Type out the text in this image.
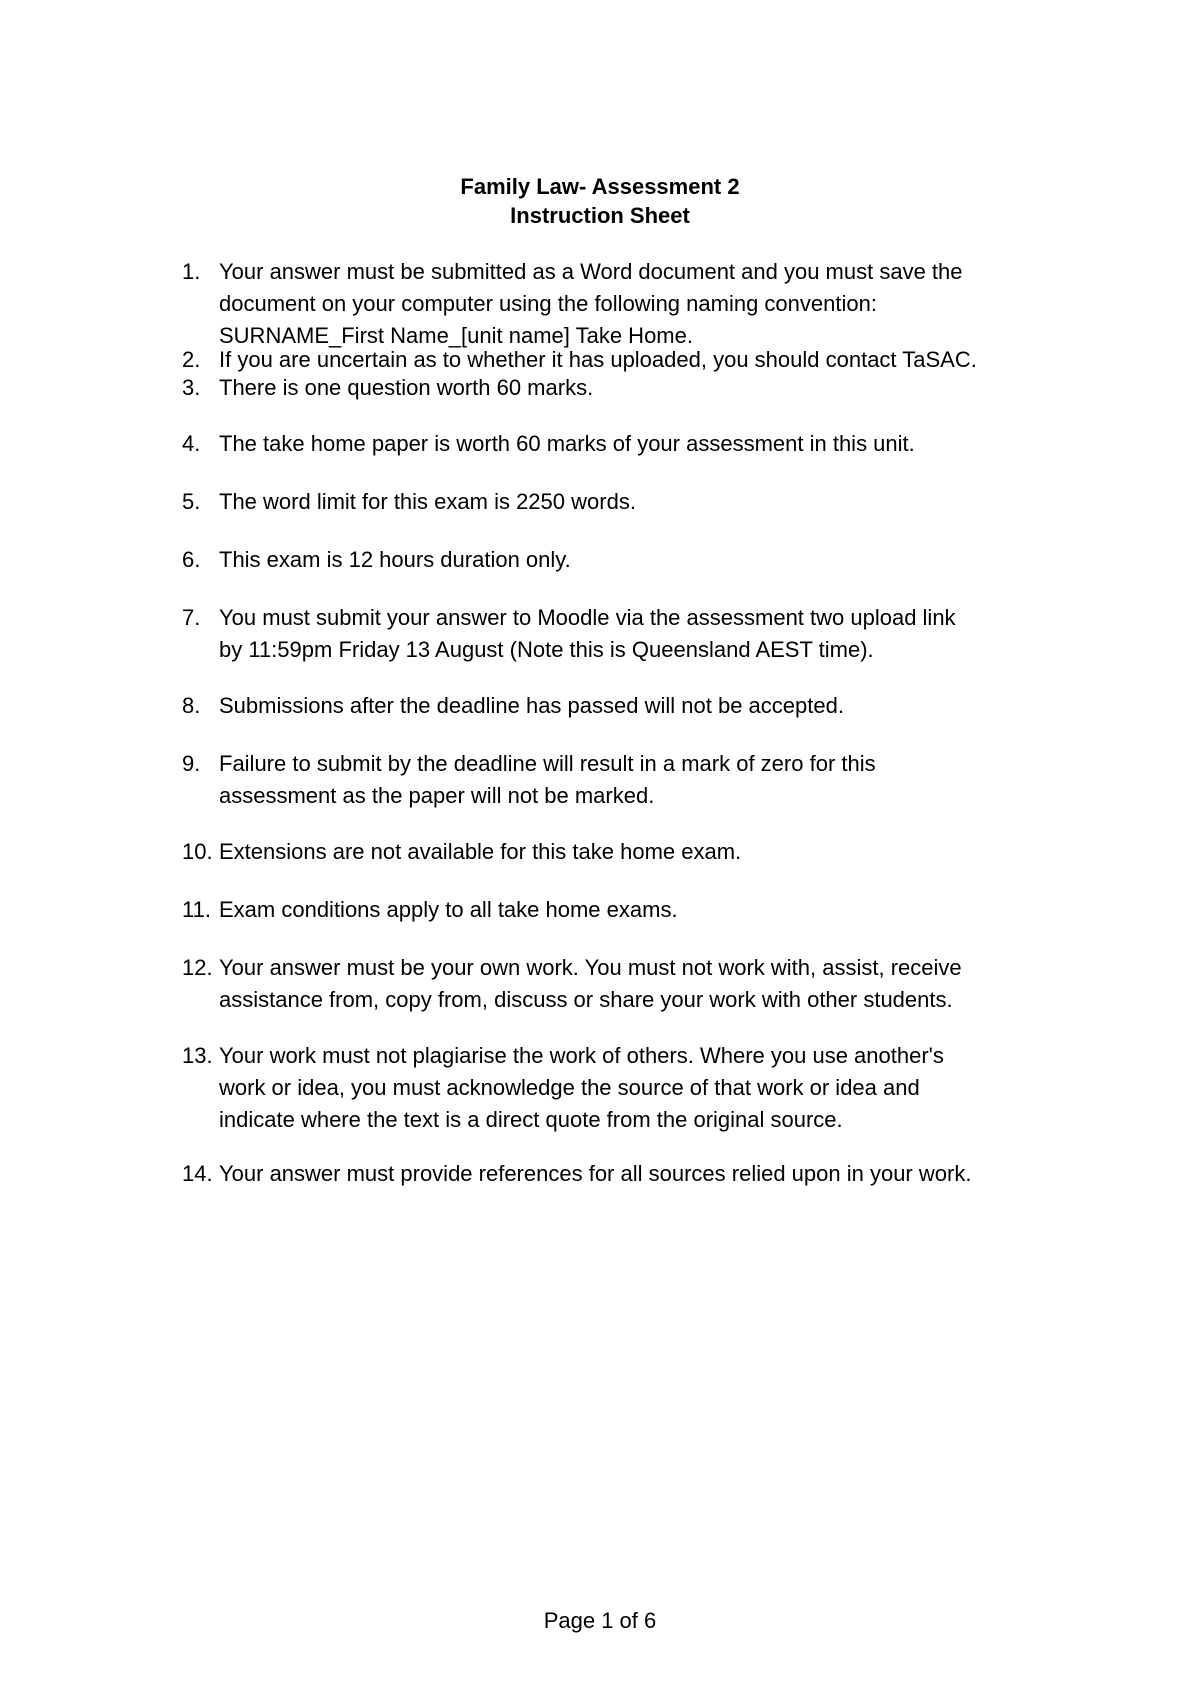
Family Law- Assessment 2
Instruction Sheet
1. Your answer must be submitted as a Word document and you must save the
document on your computer using the following naming convention:
SURNAME_First Name_[unit name] Take Home.
2. If you are uncertain as to whether it has uploaded, you should contact TaSAC.
3. There is one question worth 60 marks.
4. The take home paper is worth 60 marks of your assessment in this unit.
5. The word limit for this exam is 2250 words.
6. This exam is 12 hours duration only.
7. You must submit your answer to Moodle via the assessment two upload link
by 11:59pm Friday 13 August (Note this is Queensland AEST time).
8. Submissions after the deadline has passed will not be accepted.
9. Failure to submit by the deadline will result in a mark of zero for this
assessment as the paper will not be marked.
10. Extensions are not available for this take home exam.
11. Exam conditions apply to all take home exams.
12. Your answer must be your own work. You must not work with, assist, receive
assistance from, copy from, discuss or share your work with other students.
13. Your work must not plagiarise the work of others. Where you use another's
work or idea, you must acknowledge the source of that work or idea and
indicate where the text is a direct quote from the original source.
14. Your answer must provide references for all sources relied upon in your work.
Page 1 of 6
